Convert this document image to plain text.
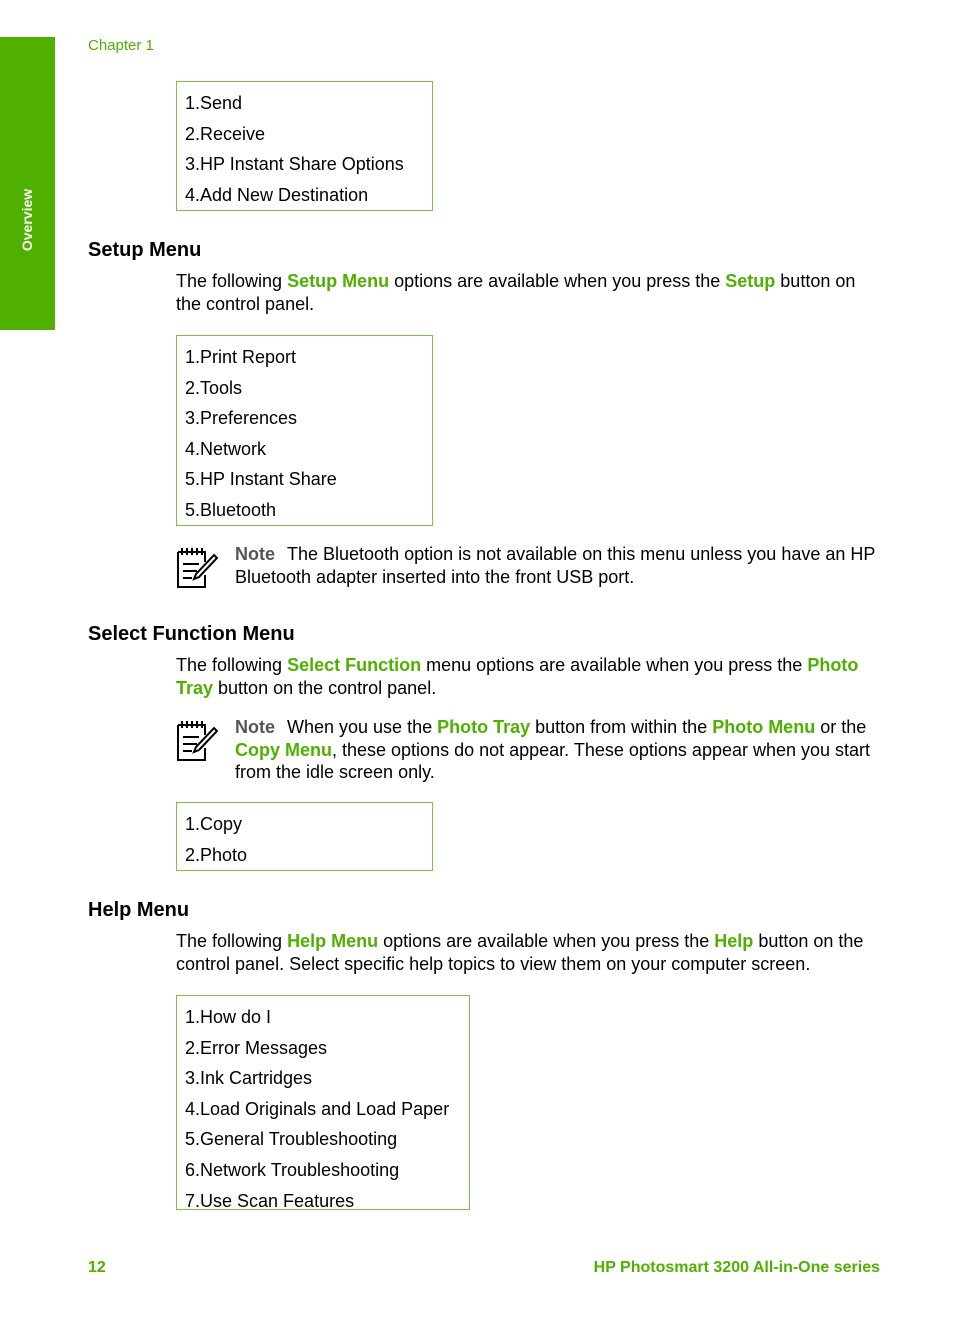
Overview
Chapter 1
1.Send
2.Receive
3.HP Instant Share Options
4.Add New Destination
Setup Menu
The following Setup Menu options are available when you press the Setup button on the control panel.
1.Print Report
2.Tools
3.Preferences
4.Network
5.HP Instant Share
5.Bluetooth
Note The Bluetooth option is not available on this menu unless you have an HP Bluetooth adapter inserted into the front USB port.
Select Function Menu
The following Select Function menu options are available when you press the Photo Tray button on the control panel.
Note When you use the Photo Tray button from within the Photo Menu or the Copy Menu, these options do not appear. These options appear when you start from the idle screen only.
1.Copy
2.Photo
Help Menu
The following Help Menu options are available when you press the Help button on the control panel. Select specific help topics to view them on your computer screen.
1.How do I
2.Error Messages
3.Ink Cartridges
4.Load Originals and Load Paper
5.General Troubleshooting
6.Network Troubleshooting
7.Use Scan Features
12	HP Photosmart 3200 All-in-One series
